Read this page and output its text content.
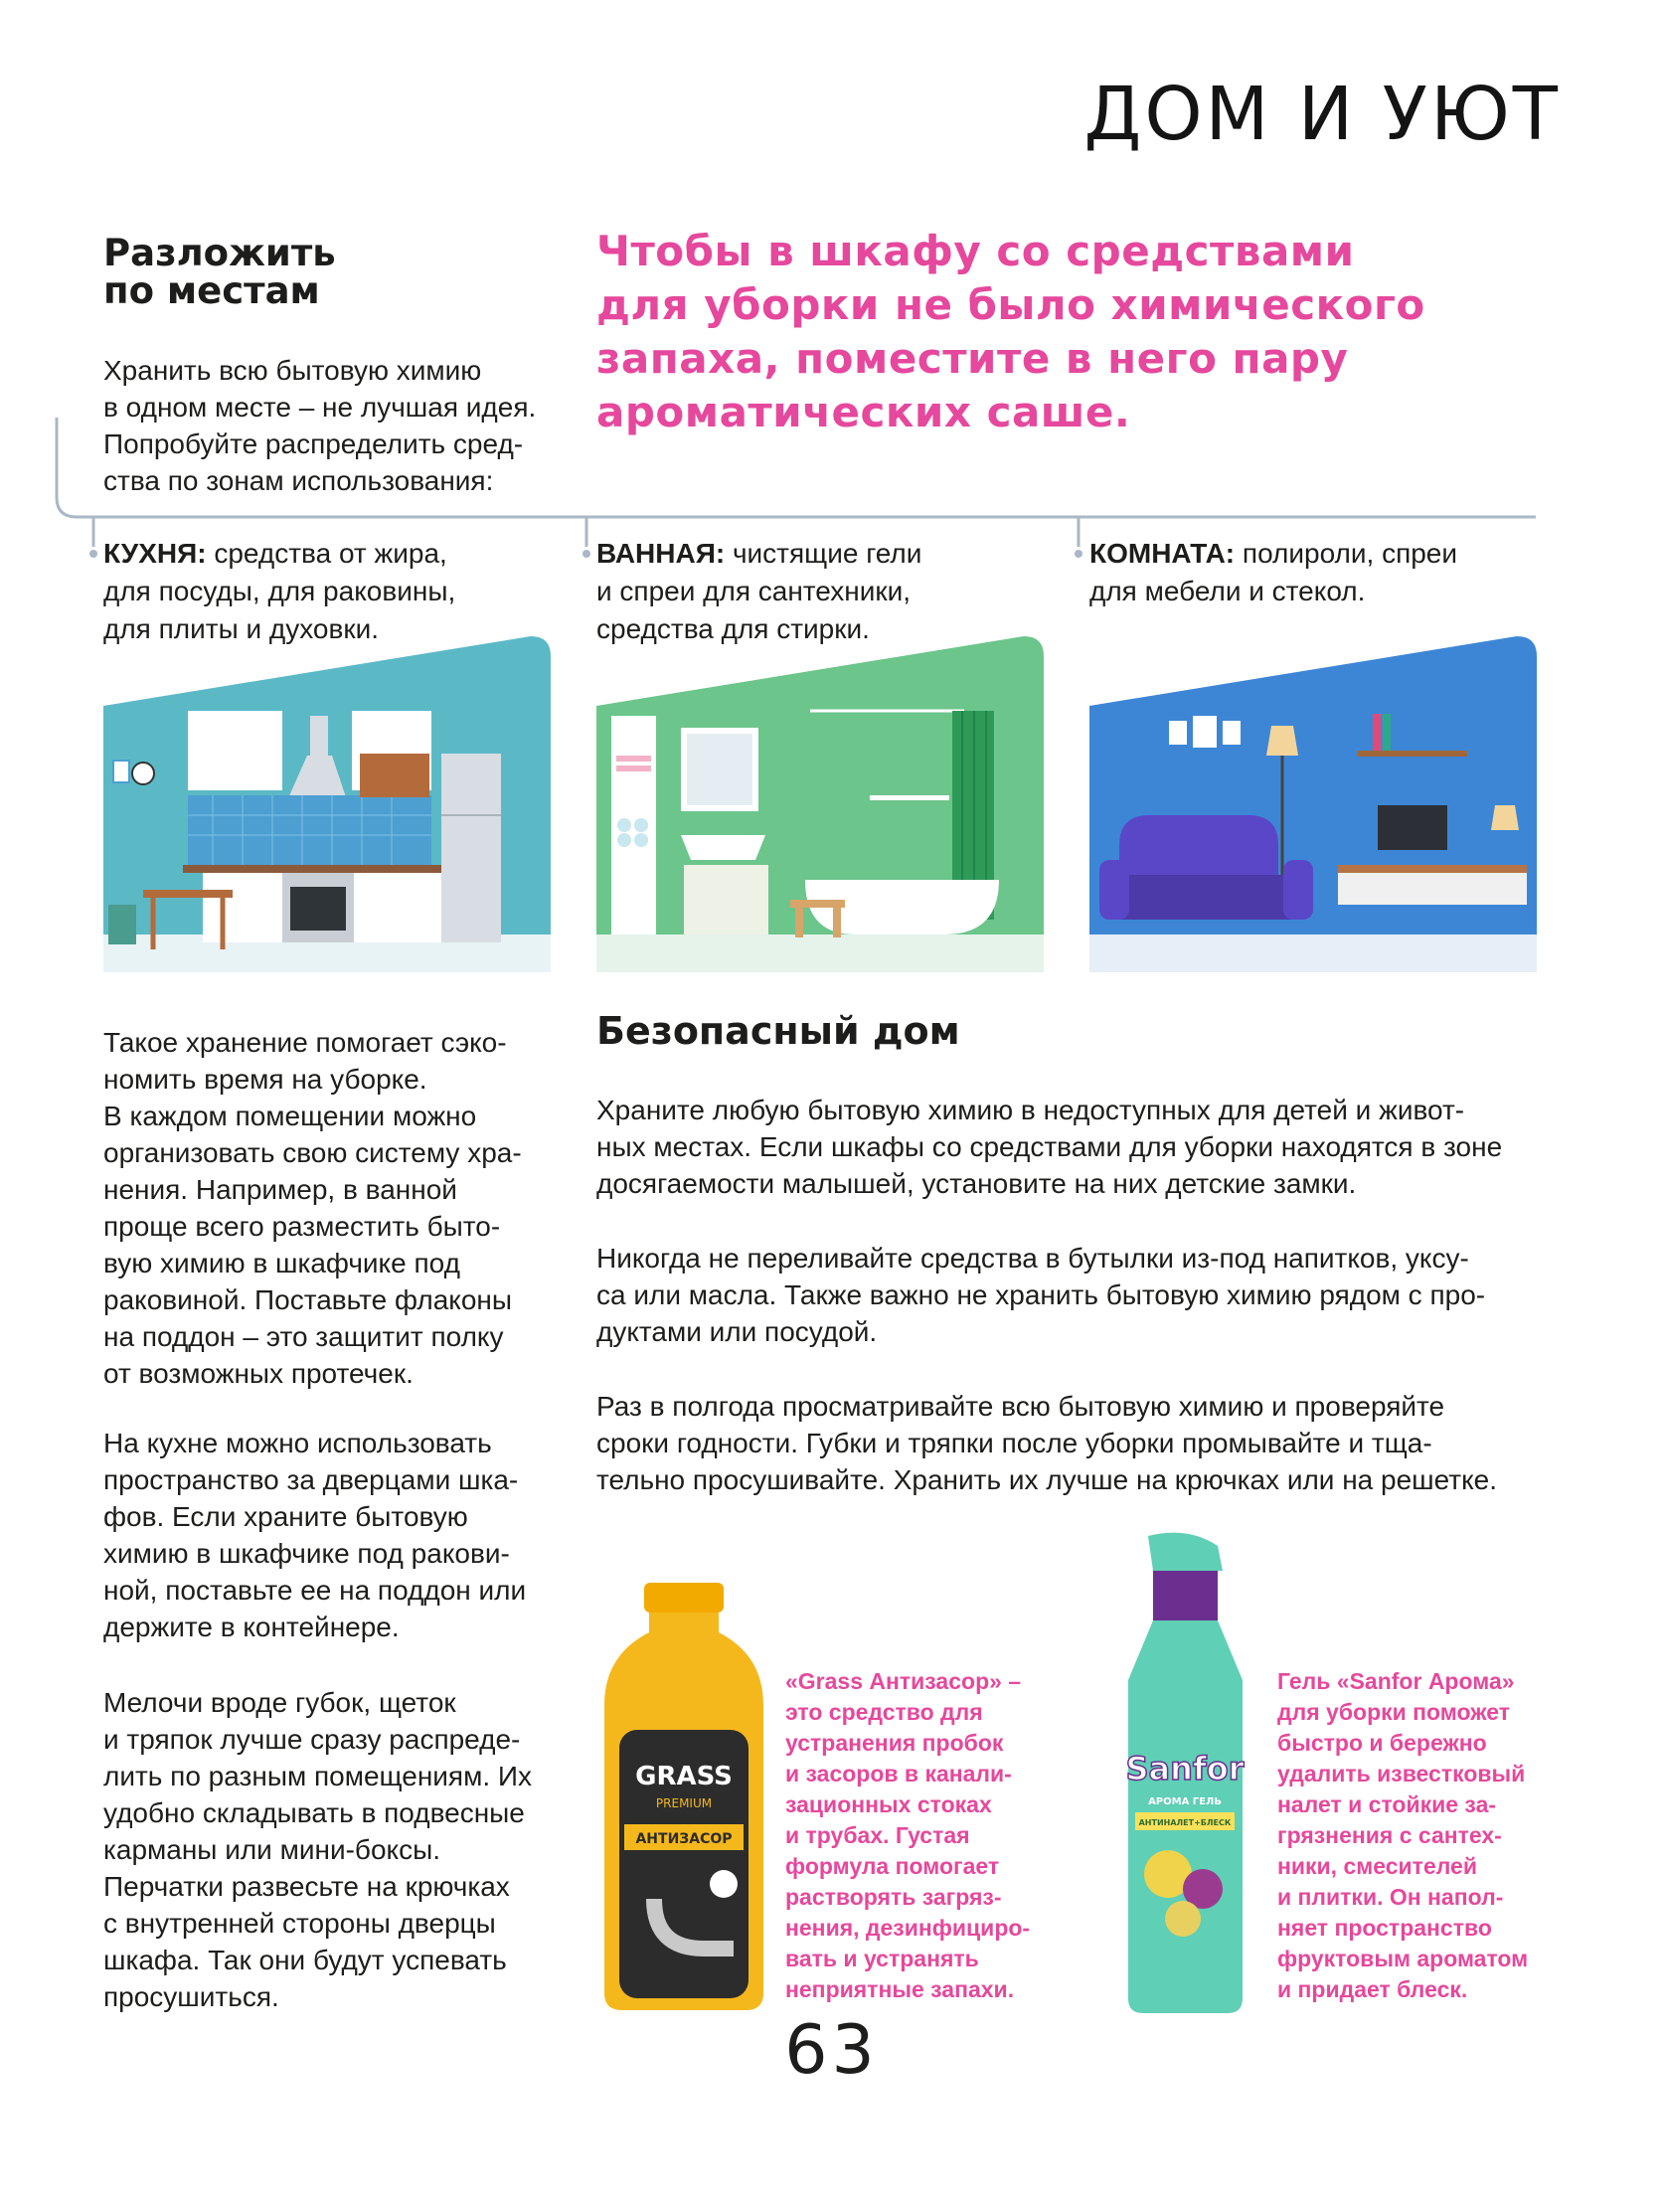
ДОМ И УЮТ
Разложить
по местам
Хранить всю бытовую химию
в одном месте – не лучшая идея.
Попробуйте распределить сред-
ства по зонам использования:
Чтобы в шкафу со средствами
для уборки не было химического
запаха, поместите в него пару
ароматических саше.
КУХНЯ: средства от жира,
для посуды, для раковины,
для плиты и духовки.
ВАННАЯ: чистящие гели
и спреи для сантехники,
средства для стирки.
КОМНАТА: полироли, спреи
для мебели и стекол.
Такое хранение помогает сэко-
номить время на уборке.
В каждом помещении можно
организовать свою систему хра-
нения. Например, в ванной
проще всего разместить быто-
вую химию в шкафчике под
раковиной. Поставьте флаконы
на поддон – это защитит полку
от возможных протечек.
На кухне можно использовать
пространство за дверцами шка-
фов. Если храните бытовую
химию в шкафчике под ракови-
ной, поставьте ее на поддон или
держите в контейнере.
Мелочи вроде губок, щеток
и тряпок лучше сразу распреде-
лить по разным помещениям. Их
удобно складывать в подвесные
карманы или мини-боксы.
Перчатки развесьте на крючках
с внутренней стороны дверцы
шкафа. Так они будут успевать
просушиться.
Безопасный дом
Храните любую бытовую химию в недоступных для детей и живот-
ных местах. Если шкафы со средствами для уборки находятся в зоне
досягаемости малышей, установите на них детские замки.
Никогда не переливайте средства в бутылки из-под напитков, уксу-
са или масла. Также важно не хранить бытовую химию рядом с про-
дуктами или посудой.
Раз в полгода просматривайте всю бытовую химию и проверяйте
сроки годности. Губки и тряпки после уборки промывайте и тща-
тельно просушивайте. Хранить их лучше на крючках или на решетке.
GRASS
PREMIUM
АНТИЗАСОР
«Grass Антизасор» –
это средство для
устранения пробок
и засоров в канали-
зационных стоках
и трубах. Густая
формула помогает
растворять загряз-
нения, дезинфициро-
вать и устранять
неприятные запахи.
Sanfor
АРОМА ГЕЛЬ
АНТИНАЛЕТ+БЛЕСК
Гель «Sanfor Арома»
для уборки поможет
быстро и бережно
удалить известковый
налет и стойкие за-
грязнения с сантех-
ники, смесителей
и плитки. Он напол-
няет пространство
фруктовым ароматом
и придает блеск.
63
